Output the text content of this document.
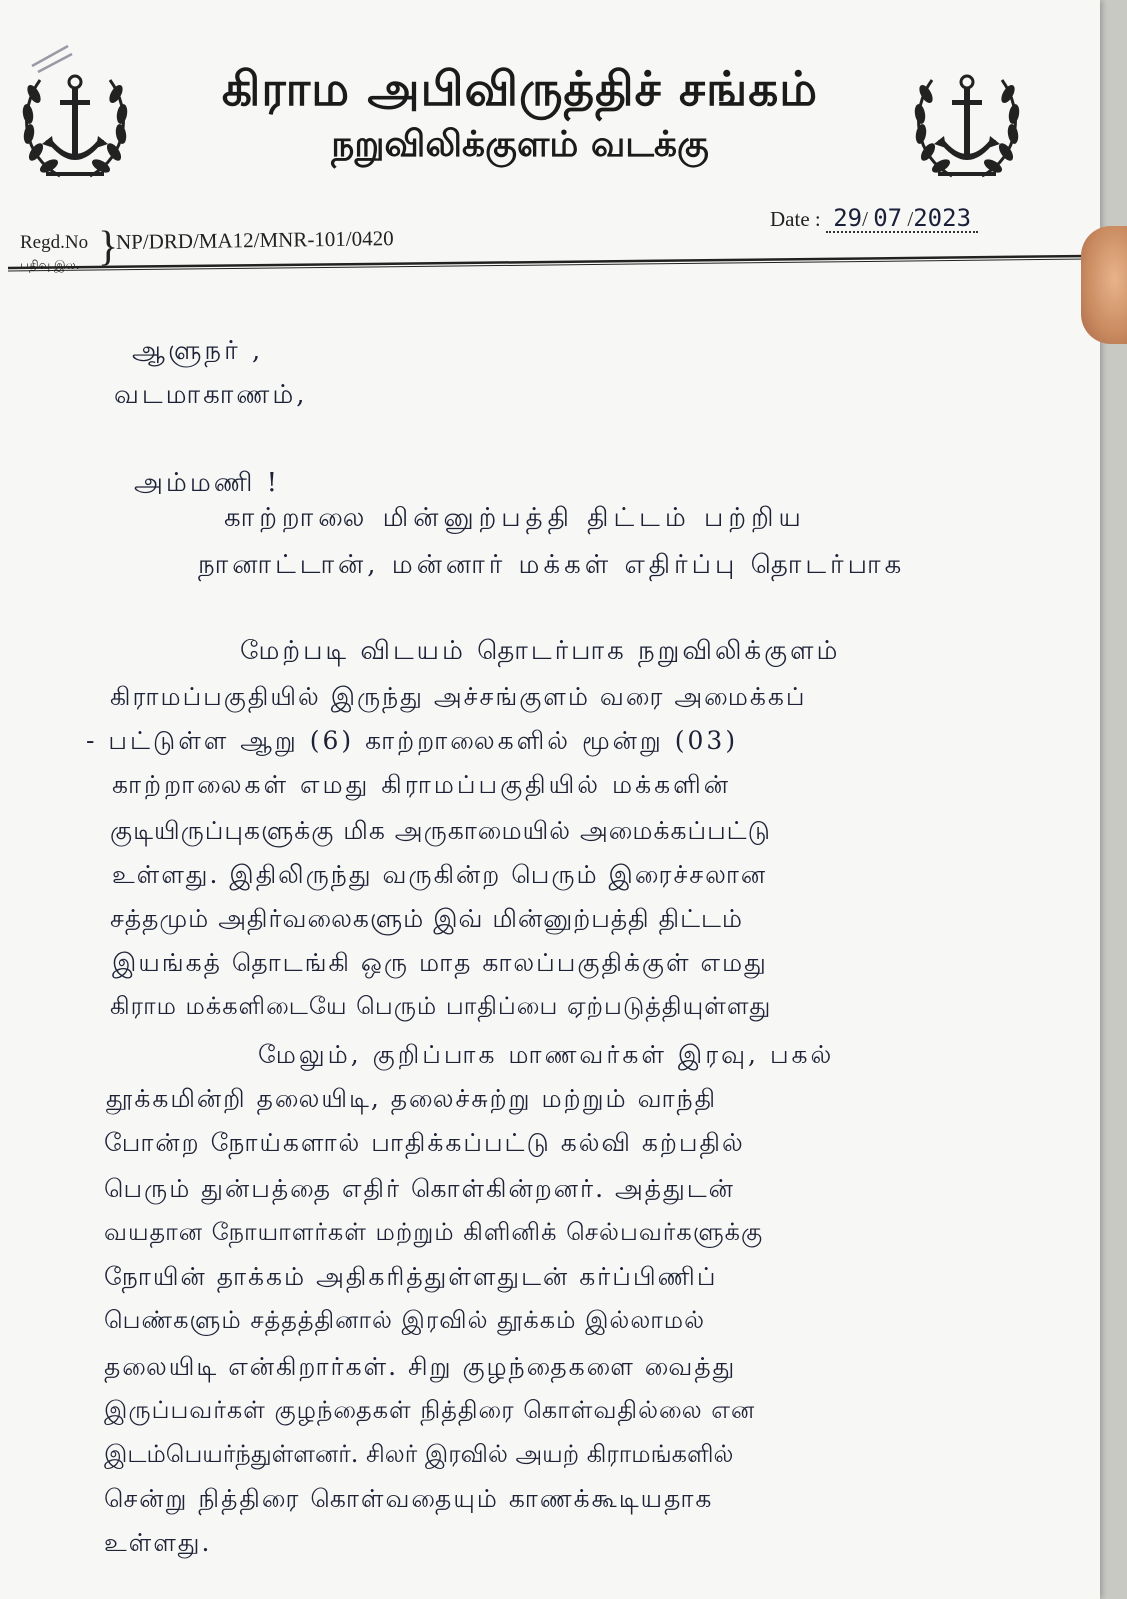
கிராம அபிவிருத்திச் சங்கம்
நறுவிலிக்குளம் வடக்கு
Regd.No
பதிவு இல. }
NP/DRD/MA12/MNR-101/0420
Date : 29/ 07 /2023
ஆளுநர் ,
வடமாகாணம்,
அம்மணி !
காற்றாலை மின்னுற்பத்தி திட்டம் பற்றிய
நானாட்டான், மன்னார் மக்கள் எதிர்ப்பு தொடர்பாக
மேற்படி விடயம் தொடர்பாக நறுவிலிக்குளம்
கிராமப்பகுதியில் இருந்து அச்சங்குளம் வரை அமைக்கப்
- பட்டுள்ள ஆறு (6) காற்றாலைகளில் மூன்று (03)
காற்றாலைகள் எமது கிராமப்பகுதியில் மக்களின்
குடியிருப்புகளுக்கு மிக அருகாமையில் அமைக்கப்பட்டு
உள்ளது. இதிலிருந்து வருகின்ற பெரும் இரைச்சலான
சத்தமும் அதிர்வலைகளும் இவ் மின்னுற்பத்தி திட்டம்
இயங்கத் தொடங்கி ஒரு மாத காலப்பகுதிக்குள் எமது
கிராம மக்களிடையே பெரும் பாதிப்பை ஏற்படுத்தியுள்ளது
மேலும், குறிப்பாக மாணவர்கள் இரவு, பகல்
தூக்கமின்றி தலையிடி, தலைச்சுற்று மற்றும் வாந்தி
போன்ற நோய்களால் பாதிக்கப்பட்டு கல்வி கற்பதில்
பெரும் துன்பத்தை எதிர் கொள்கின்றனர். அத்துடன்
வயதான நோயாளர்கள் மற்றும் கிளினிக் செல்பவர்களுக்கு
நோயின் தாக்கம் அதிகரித்துள்ளதுடன் கர்ப்பிணிப்
பெண்களும் சத்தத்தினால் இரவில் தூக்கம் இல்லாமல்
தலையிடி என்கிறார்கள். சிறு குழந்தைகளை வைத்து
இருப்பவர்கள் குழந்தைகள் நித்திரை கொள்வதில்லை என
இடம்பெயர்ந்துள்ளனர். சிலர் இரவில் அயற் கிராமங்களில்
சென்று நித்திரை கொள்வதையும் காணக்கூடியதாக
உள்ளது.
